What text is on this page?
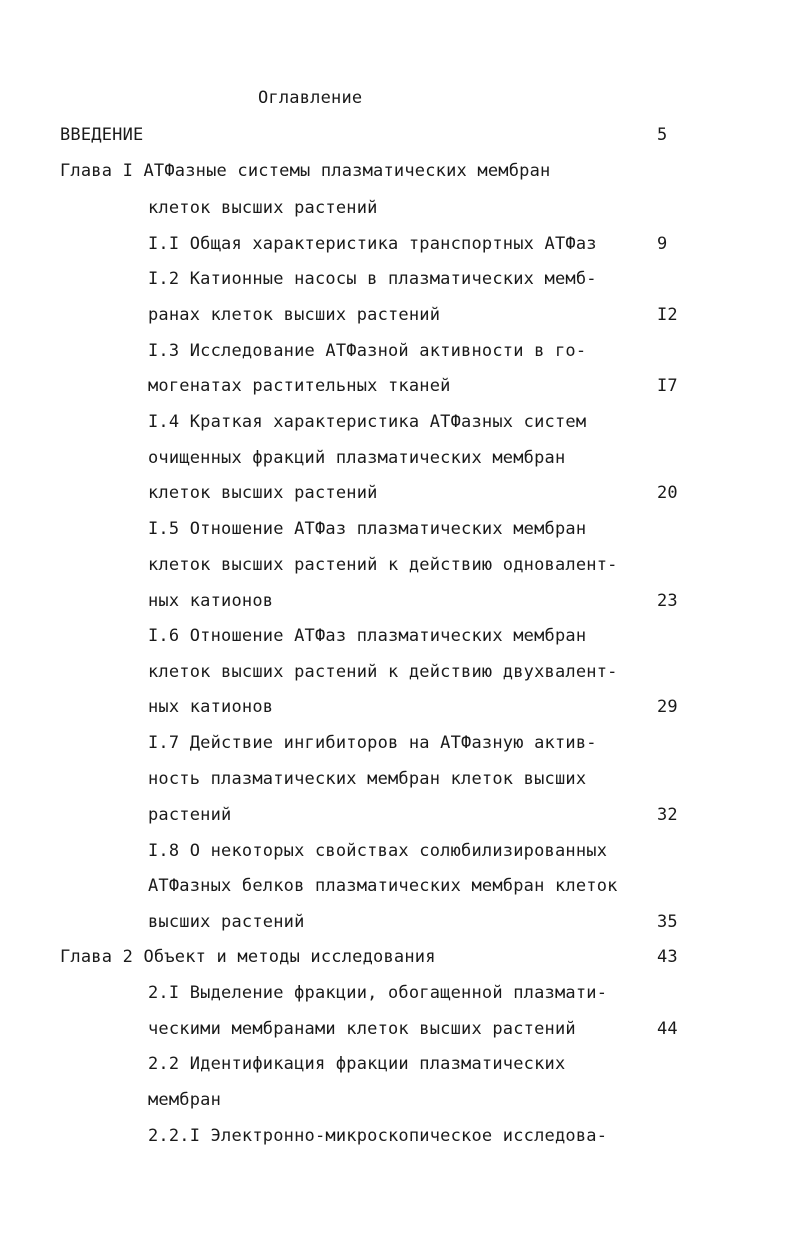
Оглавление
ВВЕДЕНИЕ	5
Глава I АТФазные системы плазматических мембран
клеток высших растений
I.I Общая характеристика транспортных АТФаз	9
I.2 Катионные насосы в плазматических мемб-
ранах клеток высших растений	I2
I.3 Исследование АТФазной активности в го-
могенатах растительных тканей	I7
I.4 Краткая характеристика АТФазных систем
очищенных фракций плазматических мембран
клеток высших растений	20
I.5 Отношение АТФаз плазматических мембран
клеток высших растений к действию одновалент-
ных катионов	23
I.6 Отношение АТФаз плазматических мембран
клеток высших растений к действию двухвалент-
ных катионов	29
I.7 Действие ингибиторов на АТФазную актив-
ность плазматических мембран клеток высших
растений	32
I.8 О некоторых свойствах солюбилизированных
АТФазных белков плазматических мембран клеток
высших растений	35
Глава 2 Объект и методы исследования	43
2.I Выделение фракции, обогащенной плазмати-
ческими мембранами клеток высших растений	44
2.2 Идентификация фракции плазматических
мембран
2.2.I Электронно-микроскопическое исследова-
